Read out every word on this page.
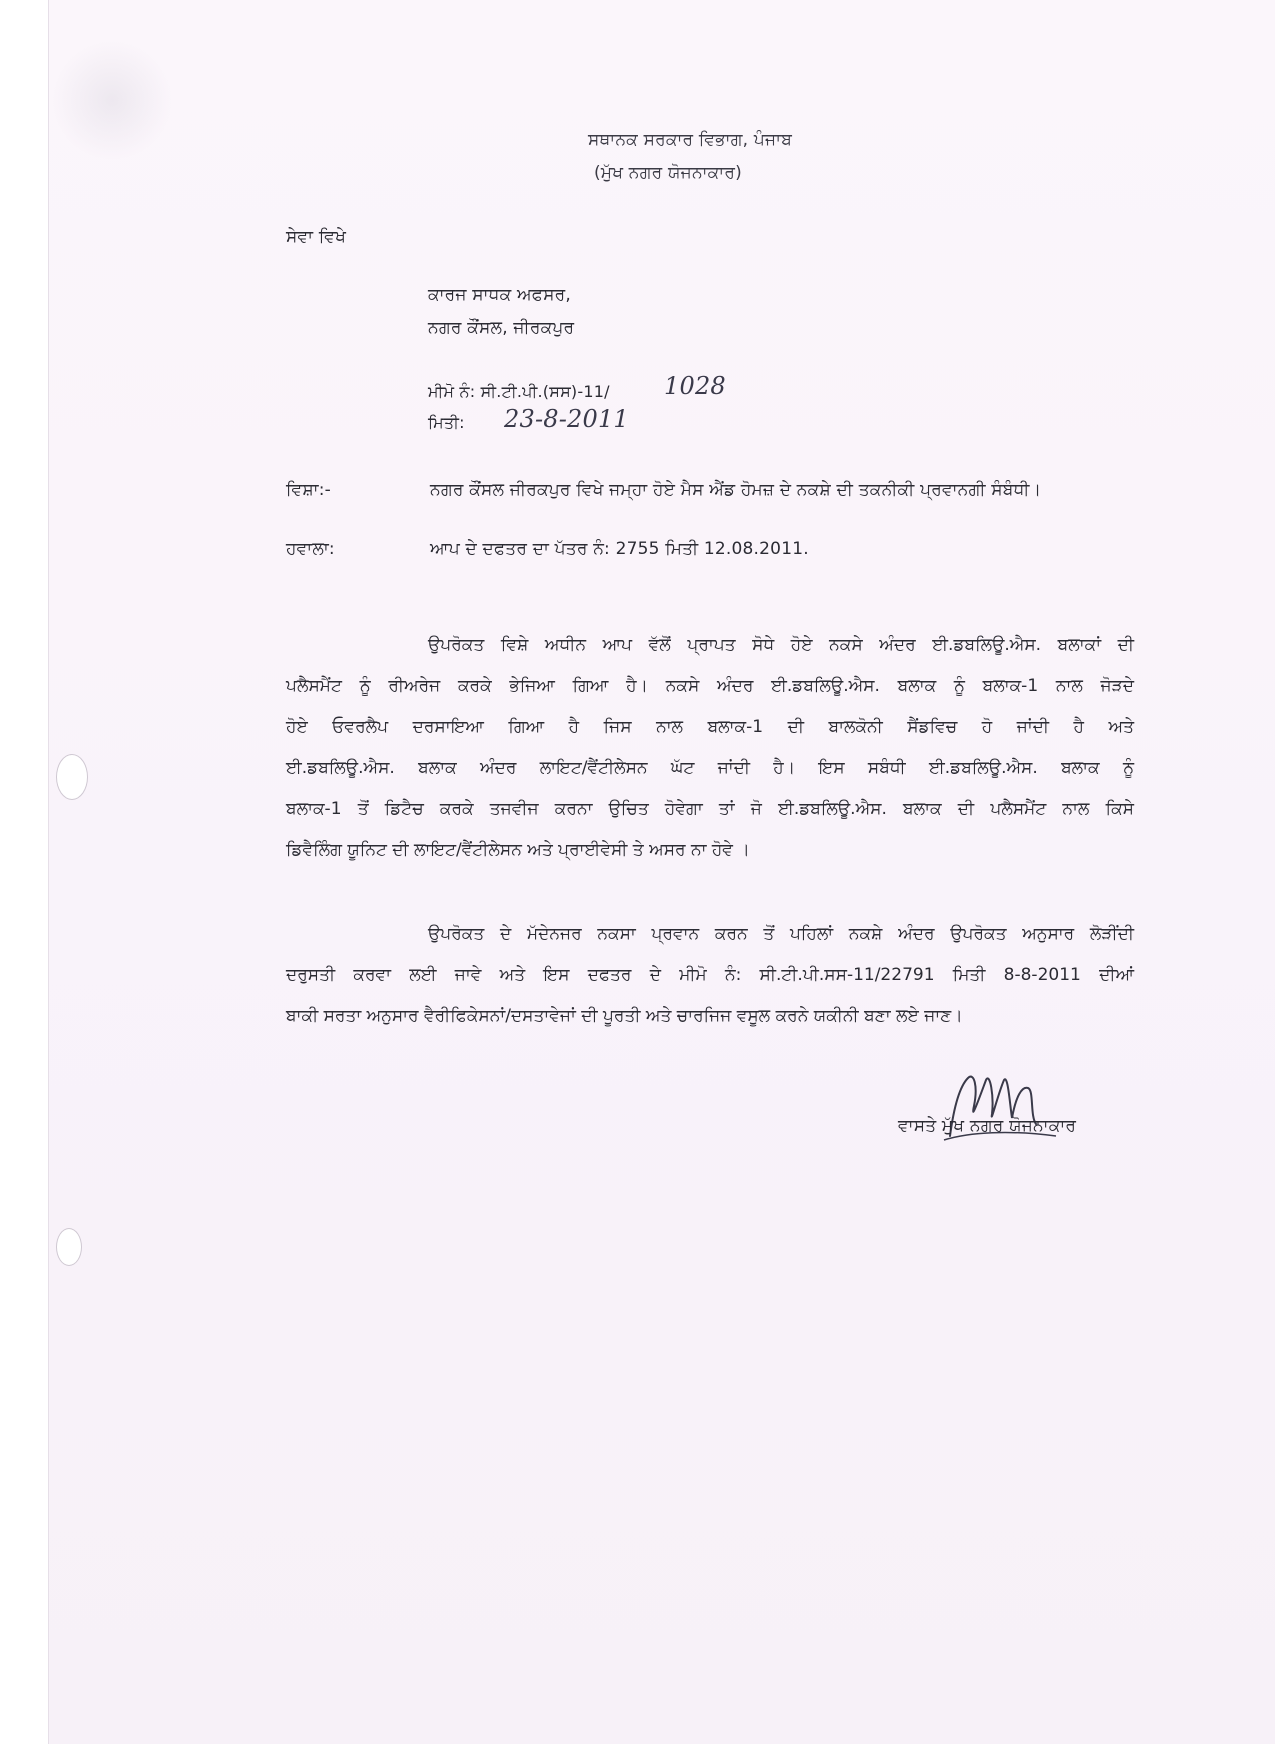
ਸਥਾਨਕ ਸਰਕਾਰ ਵਿਭਾਗ, ਪੰਜਾਬ
(ਮੁੱਖ ਨਗਰ ਯੋਜਨਾਕਾਰ)
ਸੇਵਾ ਵਿਖੇ
ਕਾਰਜ ਸਾਧਕ ਅਫਸਰ,
ਨਗਰ ਕੌਂਸਲ, ਜੀਰਕਪੁਰ
ਮੀਮੋ ਨੰ: ਸੀ.ਟੀ.ਪੀ.(ਸਸ)-11/ 1028
ਮਿਤੀ: 23-8-2011
ਵਿਸ਼ਾ:-	ਨਗਰ ਕੌਂਸਲ ਜੀਰਕਪੁਰ ਵਿਖੇ ਜਮ੍ਹਾ ਹੋਏ ਮੈਸ ਐਂਡ ਹੋਮਜ਼ ਦੇ ਨਕਸ਼ੇ ਦੀ ਤਕਨੀਕੀ ਪ੍ਰਵਾਨਗੀ ਸੰਬੰਧੀ।
ਹਵਾਲਾ:	ਆਪ ਦੇ ਦਫਤਰ ਦਾ ਪੱਤਰ ਨੰ: 2755 ਮਿਤੀ 12.08.2011.
ਉਪਰੋਕਤ ਵਿਸ਼ੇ ਅਧੀਨ ਆਪ ਵੱਲੋਂ ਪ੍ਰਾਪਤ ਸੋਧੇ ਹੋਏ ਨਕਸੇ ਅੰਦਰ ਈ.ਡਬਲਿਊ.ਐਸ. ਬਲਾਕਾਂ ਦੀ
ਪਲੈਸਮੈਂਟ ਨੂੰ ਰੀਅਰੇਜ ਕਰਕੇ ਭੇਜਿਆ ਗਿਆ ਹੈ। ਨਕਸੇ ਅੰਦਰ ਈ.ਡਬਲਿਊ.ਐਸ. ਬਲਾਕ ਨੂੰ ਬਲਾਕ-1 ਨਾਲ ਜੋੜਦੇ
ਹੋਏ ਓਵਰਲੈਪ ਦਰਸਾਇਆ ਗਿਆ ਹੈ ਜਿਸ ਨਾਲ ਬਲਾਕ-1 ਦੀ ਬਾਲਕੋਨੀ ਸੈਂਡਵਿਚ ਹੋ ਜਾਂਦੀ ਹੈ ਅਤੇ
ਈ.ਡਬਲਿਊ.ਐਸ. ਬਲਾਕ ਅੰਦਰ ਲਾਇਟ/ਵੈਂਟੀਲੇਸਨ ਘੱਟ ਜਾਂਦੀ ਹੈ। ਇਸ ਸਬੰਧੀ ਈ.ਡਬਲਿਊ.ਐਸ. ਬਲਾਕ ਨੂੰ
ਬਲਾਕ-1 ਤੋਂ ਡਿਟੈਚ ਕਰਕੇ ਤਜਵੀਜ ਕਰਨਾ ਉਚਿਤ ਹੋਵੇਗਾ ਤਾਂ ਜੋ ਈ.ਡਬਲਿਊ.ਐਸ. ਬਲਾਕ ਦੀ ਪਲੈਸਮੈਂਟ ਨਾਲ ਕਿਸੇ
ਡਿਵੈਲਿੰਗ ਯੂਨਿਟ ਦੀ ਲਾਇਟ/ਵੈਂਟੀਲੇਸਨ ਅਤੇ ਪ੍ਰਾਈਵੇਸੀ ਤੇ ਅਸਰ ਨਾ ਹੋਵੇ ।
ਉਪਰੋਕਤ ਦੇ ਮੱਦੇਨਜਰ ਨਕਸਾ ਪ੍ਰਵਾਨ ਕਰਨ ਤੋਂ ਪਹਿਲਾਂ ਨਕਸ਼ੇ ਅੰਦਰ ਉਪਰੋਕਤ ਅਨੁਸਾਰ ਲੋੜੀਂਦੀ
ਦਰੁਸਤੀ ਕਰਵਾ ਲਈ ਜਾਵੇ ਅਤੇ ਇਸ ਦਫਤਰ ਦੇ ਮੀਮੋ ਨੰ: ਸੀ.ਟੀ.ਪੀ.ਸਸ-11/22791 ਮਿਤੀ 8-8-2011 ਦੀਆਂ
ਬਾਕੀ ਸਰਤਾ ਅਨੁਸਾਰ ਵੈਰੀਫਿਕੇਸਨਾਂ/ਦਸਤਾਵੇਜਾਂ ਦੀ ਪੂਰਤੀ ਅਤੇ ਚਾਰਜਿਜ ਵਸੂਲ ਕਰਨੇ ਯਕੀਨੀ ਬਣਾ ਲਏ ਜਾਣ।
ਵਾਸਤੇ ਮੁੱਖ ਨਗਰ ਯੋਜਨਾਕਾਰ
